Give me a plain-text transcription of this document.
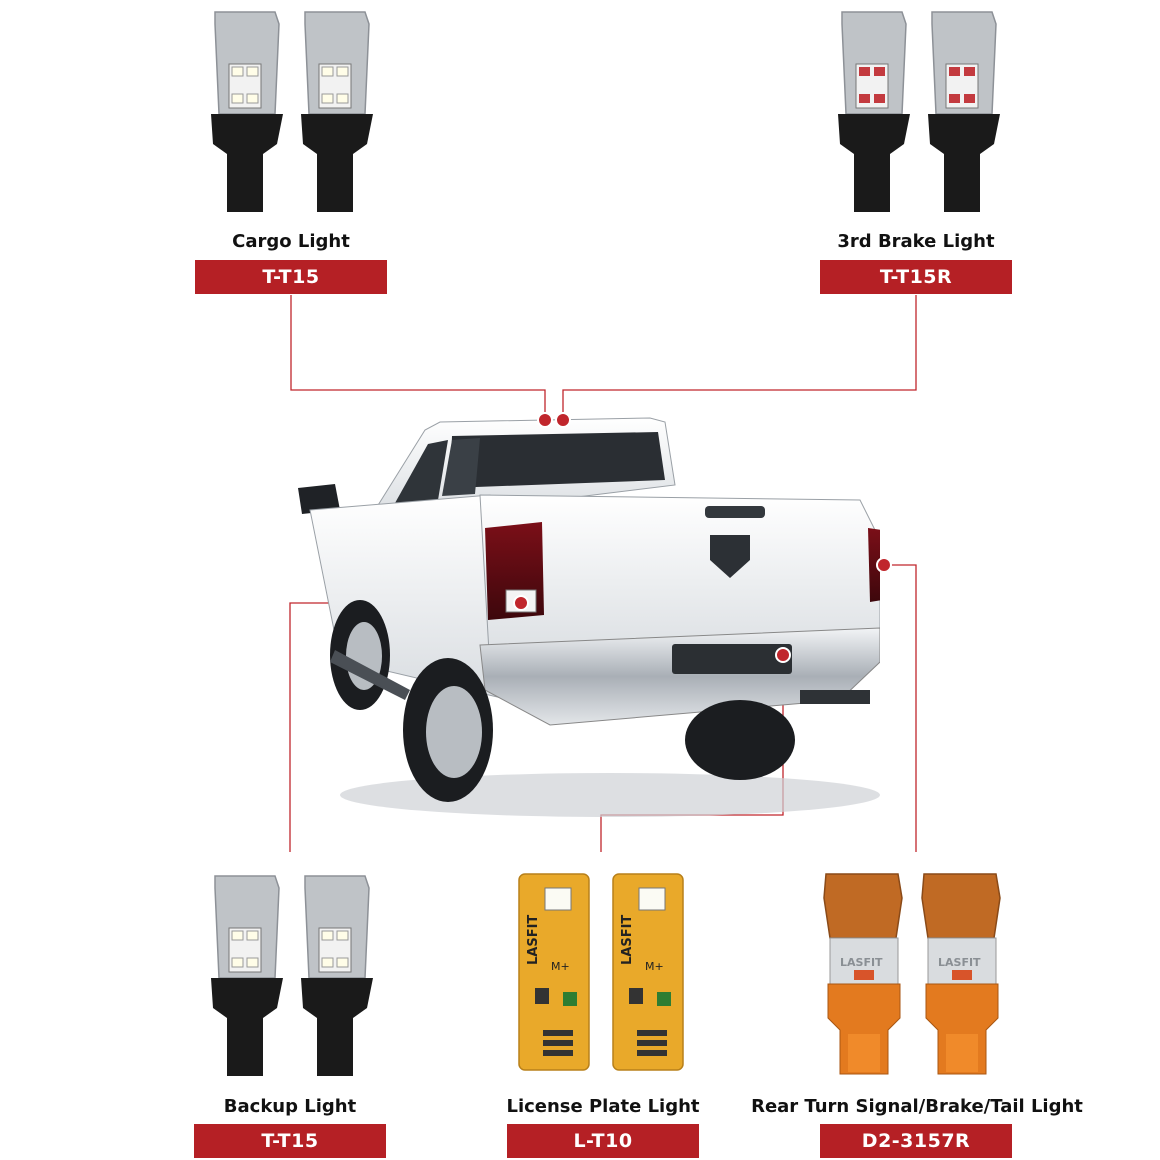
Cargo Light
T-T15
3rd Brake Light
T-T15R
Backup Light
T-T15
LASFIT
M+
LASFIT
M+
License Plate Light
L-T10
LASFIT	LASFIT
Rear Turn Signal/Brake/Tail Light
D2-3157R
